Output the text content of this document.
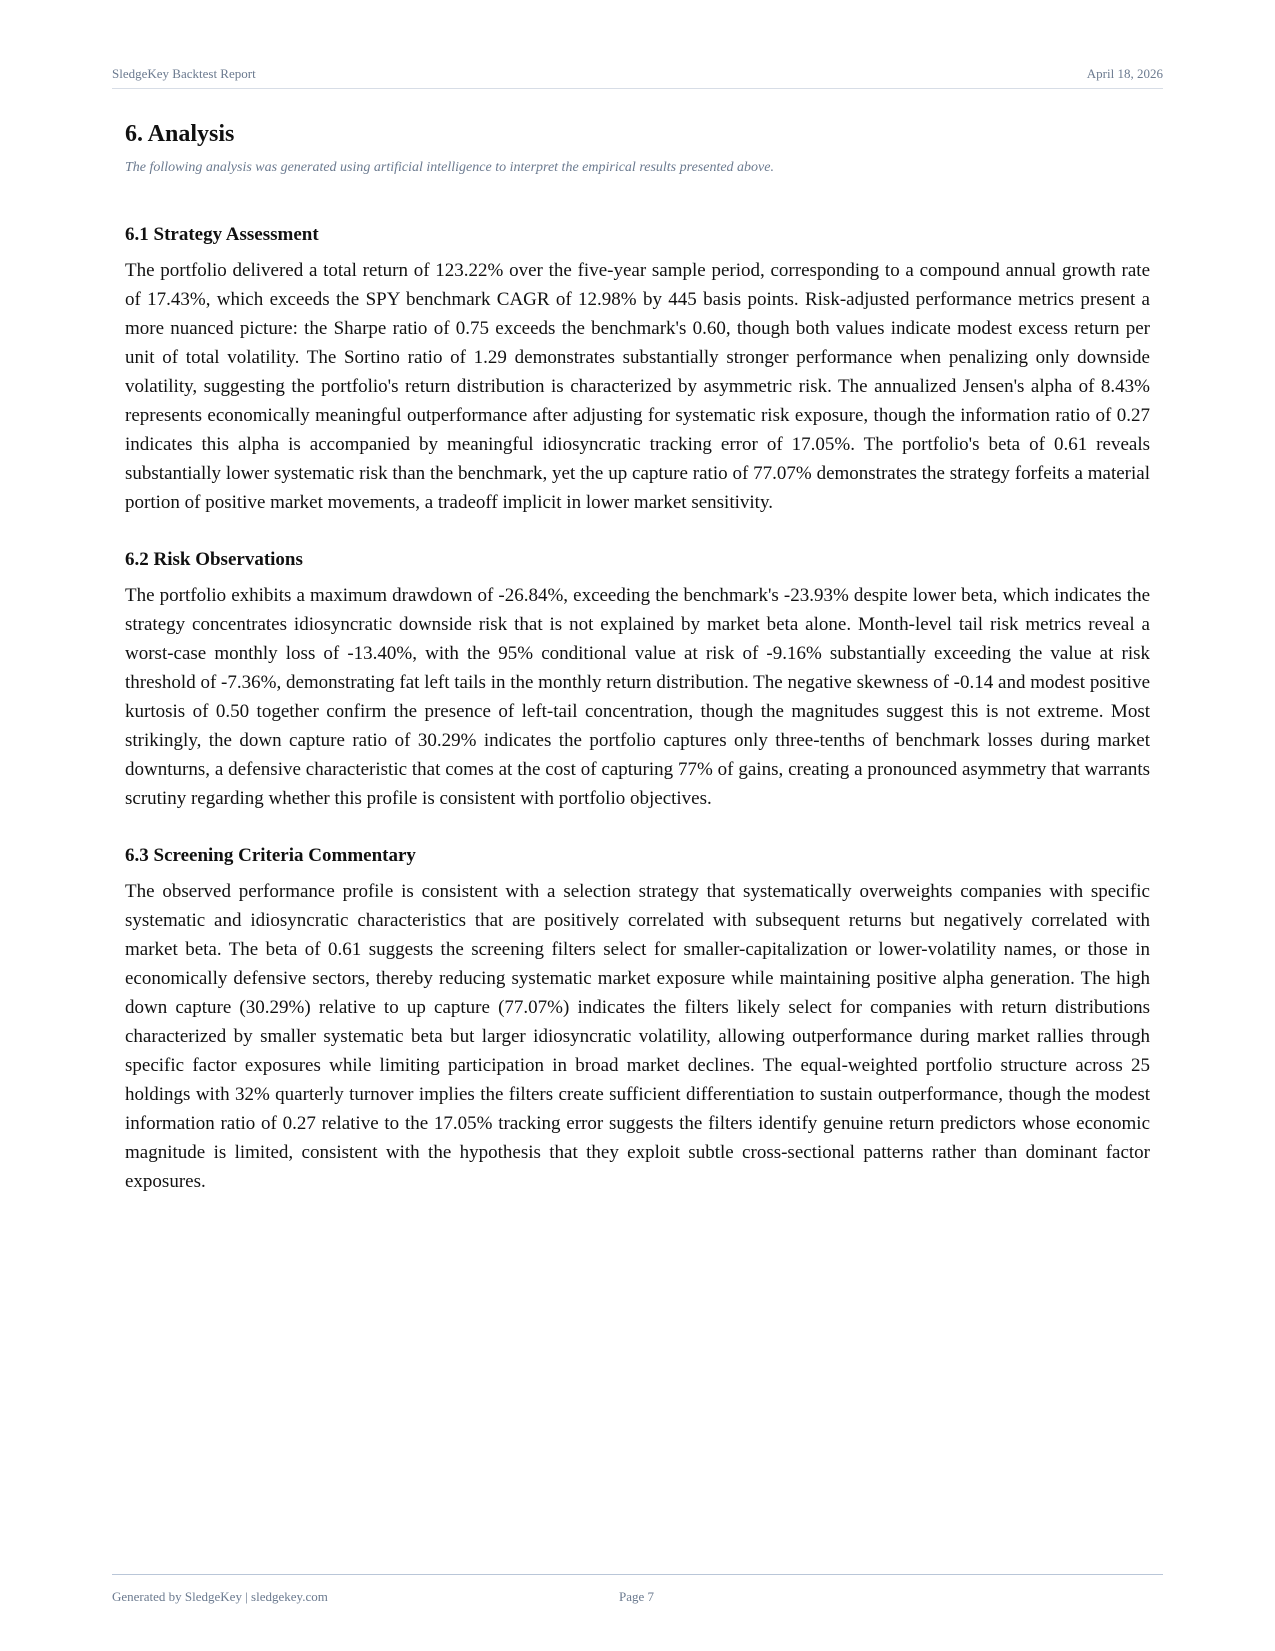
SledgeKey Backtest Report	April 18, 2026
6. Analysis

The following analysis was generated using artificial intelligence to interpret the empirical results presented above.

6.1 Strategy Assessment

The portfolio delivered a total return of 123.22% over the five-year sample period, corresponding to a compound annual growth rate of 17.43%, which exceeds the SPY benchmark CAGR of 12.98% by 445 basis points. Risk-adjusted performance metrics present a more nuanced picture: the Sharpe ratio of 0.75 exceeds the benchmark's 0.60, though both values indicate modest excess return per unit of total volatility. The Sortino ratio of 1.29 demonstrates substantially stronger performance when penalizing only downside volatility, suggesting the portfolio's return distribution is characterized by asymmetric risk. The annualized Jensen's alpha of 8.43% represents economically meaningful outperformance after adjusting for systematic risk exposure, though the information ratio of 0.27 indicates this alpha is accompanied by meaningful idiosyncratic tracking error of 17.05%. The portfolio's beta of 0.61 reveals substantially lower systematic risk than the benchmark, yet the up capture ratio of 77.07% demonstrates the strategy forfeits a material portion of positive market movements, a tradeoff implicit in lower market sensitivity.

6.2 Risk Observations

The portfolio exhibits a maximum drawdown of -26.84%, exceeding the benchmark's -23.93% despite lower beta, which indicates the strategy concentrates idiosyncratic downside risk that is not explained by market beta alone. Month-level tail risk metrics reveal a worst-case monthly loss of -13.40%, with the 95% conditional value at risk of -9.16% substantially exceeding the value at risk threshold of -7.36%, demonstrating fat left tails in the monthly return distribution. The negative skewness of -0.14 and modest positive kurtosis of 0.50 together confirm the presence of left-tail concentration, though the magnitudes suggest this is not extreme. Most strikingly, the down capture ratio of 30.29% indicates the portfolio captures only three-tenths of benchmark losses during market downturns, a defensive characteristic that comes at the cost of capturing 77% of gains, creating a pronounced asymmetry that warrants scrutiny regarding whether this profile is consistent with portfolio objectives.

6.3 Screening Criteria Commentary

The observed performance profile is consistent with a selection strategy that systematically overweights companies with specific systematic and idiosyncratic characteristics that are positively correlated with subsequent returns but negatively correlated with market beta. The beta of 0.61 suggests the screening filters select for smaller-capitalization or lower-volatility names, or those in economically defensive sectors, thereby reducing systematic market exposure while maintaining positive alpha generation. The high down capture (30.29%) relative to up capture (77.07%) indicates the filters likely select for companies with return distributions characterized by smaller systematic beta but larger idiosyncratic volatility, allowing outperformance during market rallies through specific factor exposures while limiting participation in broad market declines. The equal-weighted portfolio structure across 25 holdings with 32% quarterly turnover implies the filters create sufficient differentiation to sustain outperformance, though the modest information ratio of 0.27 relative to the 17.05% tracking error suggests the filters identify genuine return predictors whose economic magnitude is limited, consistent with the hypothesis that they exploit subtle cross-sectional patterns rather than dominant factor exposures.

Generated by SledgeKey | sledgekey.com	Page 7
